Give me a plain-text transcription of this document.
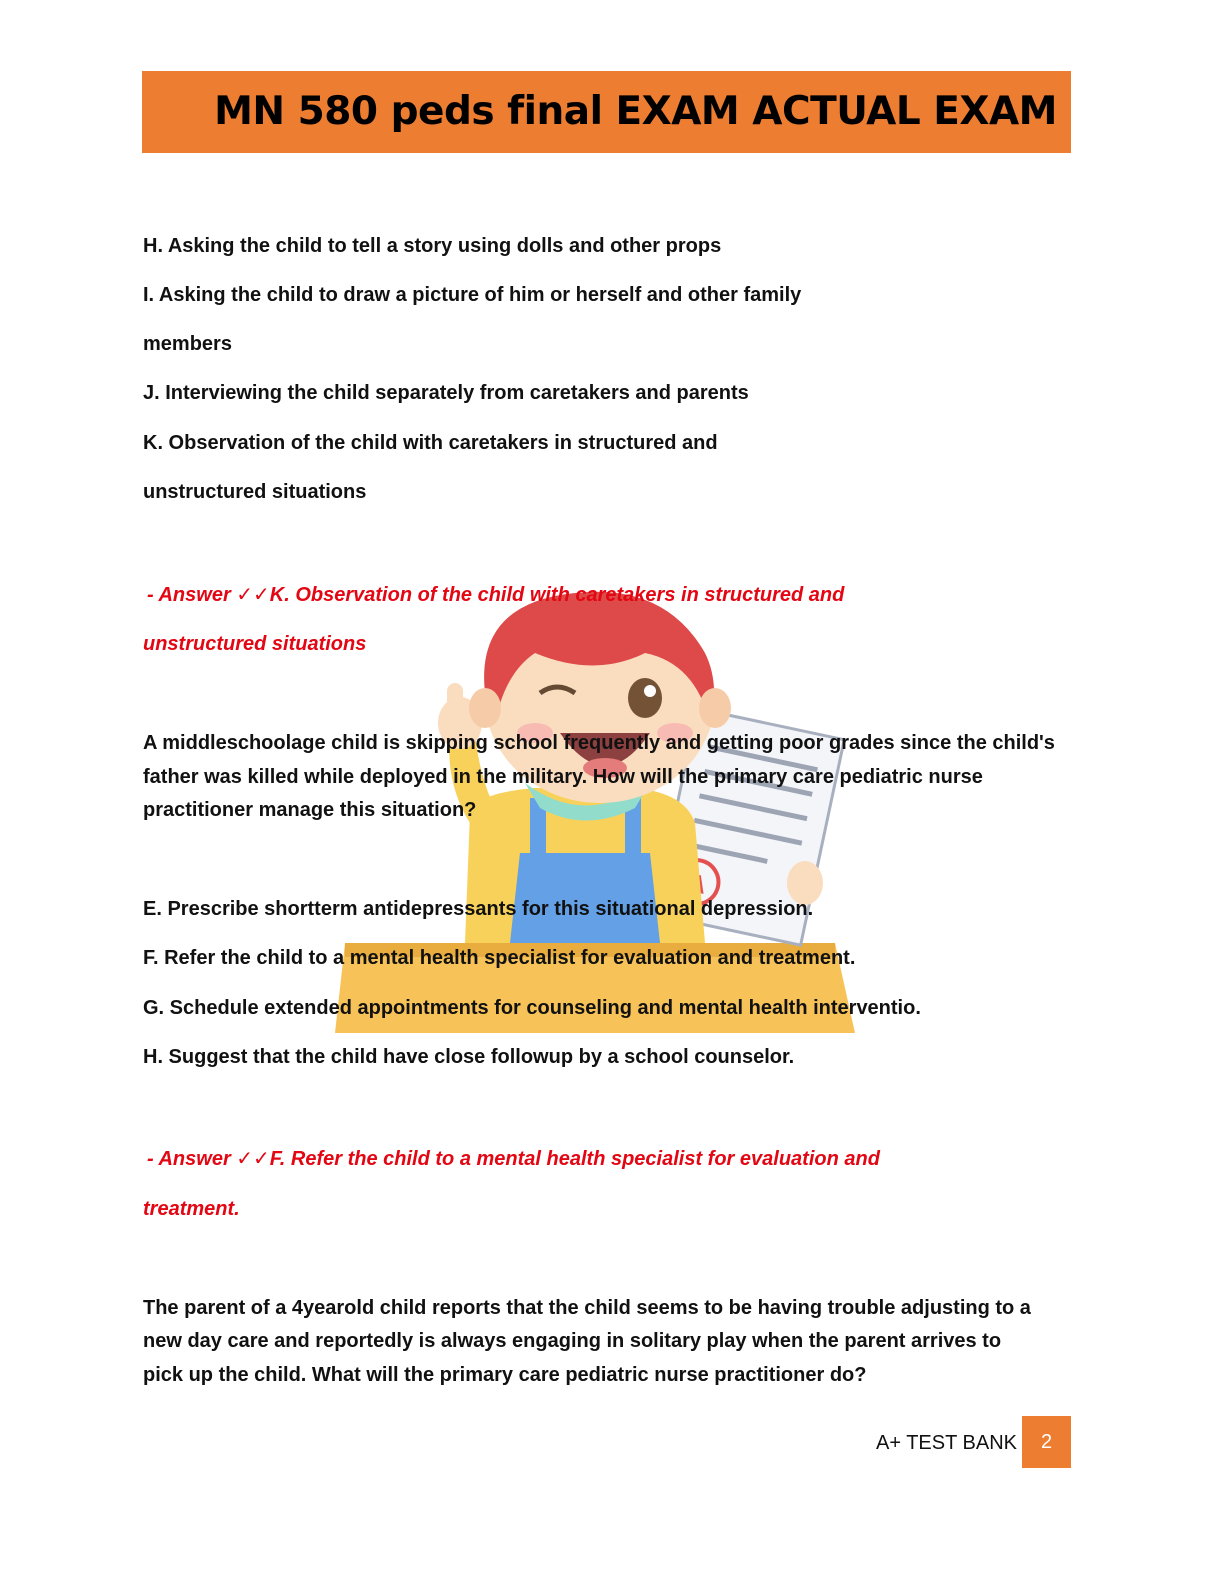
MN 580 peds final EXAM ACTUAL EXAM
H. Asking the child to tell a story using dolls and other props
I. Asking the child to draw a picture of him or herself and other family
members
J. Interviewing the child separately from caretakers and parents
K. Observation of the child with caretakers in structured and
unstructured situations
- Answer ✓✓K. Observation of the child with caretakers in structured and
unstructured situations
A middleschoolage child is skipping school frequently and getting poor grades since the child's
father was killed while deployed in the military. How will the primary care pediatric nurse
practitioner manage this situation?
E. Prescribe shortterm antidepressants for this situational depression.
F. Refer the child to a mental health specialist for evaluation and treatment.
G. Schedule extended appointments for counseling and mental health interventio.
H. Suggest that the child have close followup by a school counselor.
- Answer ✓✓F. Refer the child to a mental health specialist for evaluation and
treatment.
The parent of a 4yearold child reports that the child seems to be having trouble adjusting to a
new day care and reportedly is always engaging in solitary play when the parent arrives to
pick up the child. What will the primary care pediatric nurse practitioner do?
A+ TEST BANK	2
